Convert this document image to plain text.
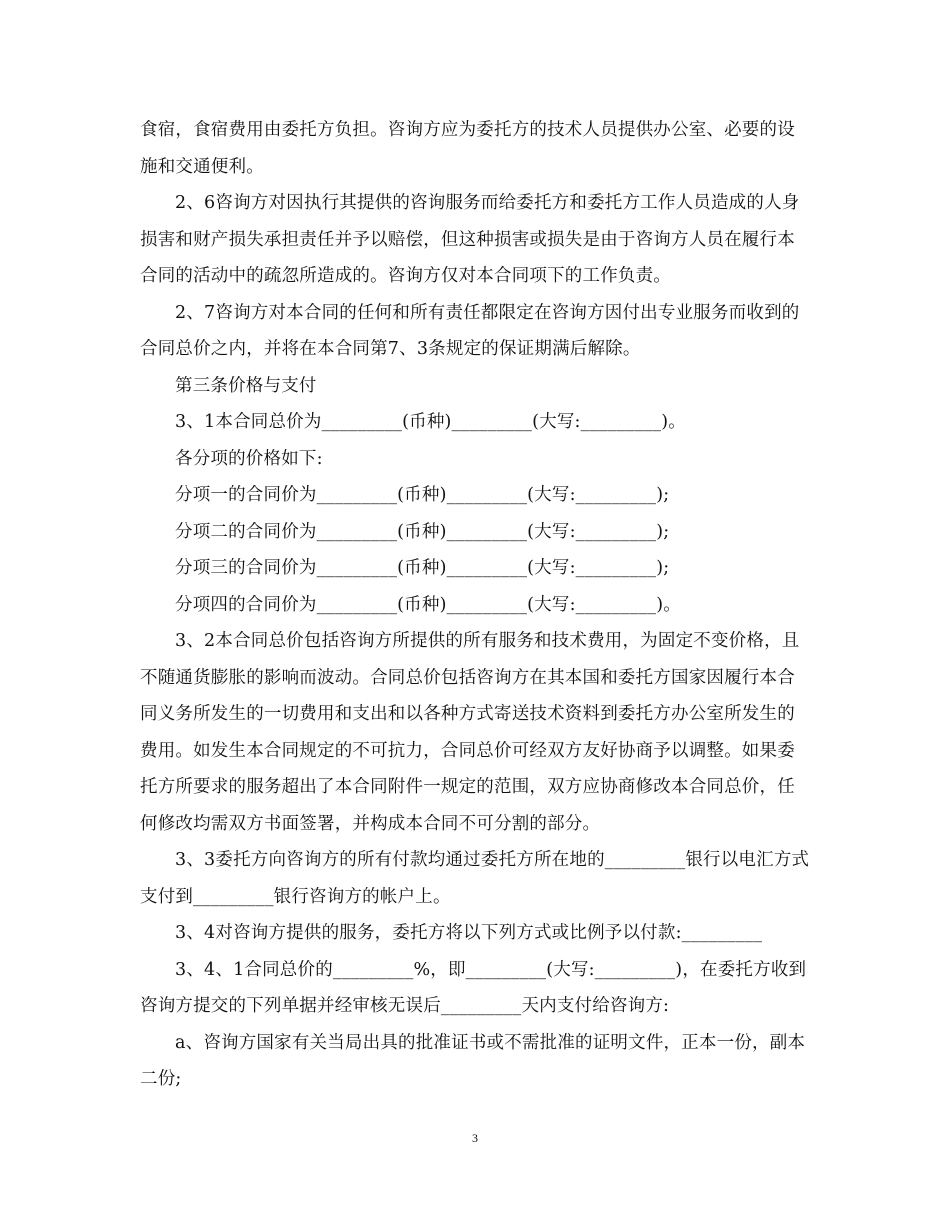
食宿，食宿费用由委托方负担。咨询方应为委托方的技术人员提供办公室、必要的设施和交通便利。

2、6咨询方对因执行其提供的咨询服务而给委托方和委托方工作人员造成的人身损害和财产损失承担责任并予以赔偿，但这种损害或损失是由于咨询方人员在履行本合同的活动中的疏忽所造成的。咨询方仅对本合同项下的工作负责。

2、7咨询方对本合同的任何和所有责任都限定在咨询方因付出专业服务而收到的合同总价之内，并将在本合同第7、3条规定的保证期满后解除。

第三条价格与支付

3、1本合同总价为_________(币种)_________(大写:_________)。

各分项的价格如下:

分项一的合同价为_________(币种)_________(大写:_________);

分项二的合同价为_________(币种)_________(大写:_________);

分项三的合同价为_________(币种)_________(大写:_________);

分项四的合同价为_________(币种)_________(大写:_________)。

3、2本合同总价包括咨询方所提供的所有服务和技术费用，为固定不变价格，且不随通货膨胀的影响而波动。合同总价包括咨询方在其本国和委托方国家因履行本合同义务所发生的一切费用和支出和以各种方式寄送技术资料到委托方办公室所发生的费用。如发生本合同规定的不可抗力，合同总价可经双方友好协商予以调整。如果委托方所要求的服务超出了本合同附件一规定的范围，双方应协商修改本合同总价，任何修改均需双方书面签署，并构成本合同不可分割的部分。

3、3委托方向咨询方的所有付款均通过委托方所在地的_________银行以电汇方式支付到_________银行咨询方的帐户上。

3、4对咨询方提供的服务，委托方将以下列方式或比例予以付款:_________

3、4、1合同总价的_________%，即_________(大写:_________)，在委托方收到咨询方提交的下列单据并经审核无误后_________天内支付给咨询方:

a、咨询方国家有关当局出具的批准证书或不需批准的证明文件，正本一份，副本二份;

3
